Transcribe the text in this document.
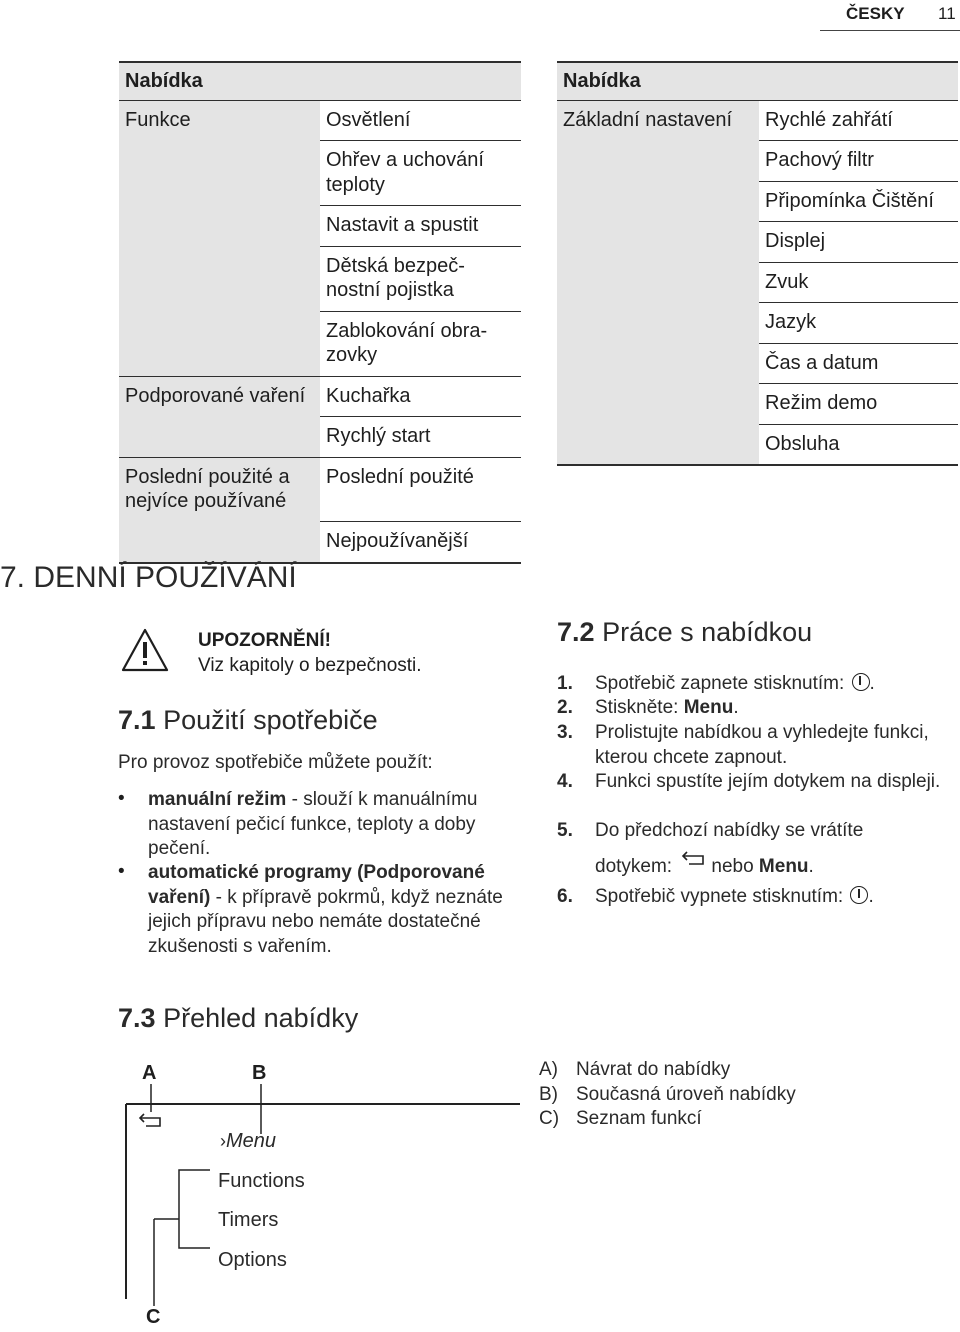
ČESKY 11
Nabídka	
Funkce	Osvětlení
	Ohřev a uchování teploty
	Nastavit a spustit
	Dětská bezpeč-nostní pojistka
	Zablokování obra-zovky
Podporované vaření	Kuchařka
	Rychlý start
Poslední použité a nejvíce používané	Poslední použité
	Nejpoužívanější
Nabídka	
Základní nastavení	Rychlé zahřátí
	Pachový filtr
	Připomínka Čištění
	Displej
	Zvuk
	Jazyk
	Čas a datum
	Režim demo
	Obsluha
7. DENNÍ POUŽÍVÁNÍ
UPOZORNĚNÍ!
Viz kapitoly o bezpečnosti.
7.1 Použití spotřebiče
Pro provoz spotřebiče můžete použít:
• manuální režim - slouží k manuálnímu nastavení pečicí funkce, teploty a doby pečení.
• automatické programy (Podporované vaření) - k přípravě pokrmů, když neznáte jejich přípravu nebo nemáte dostatečné zkušenosti s vařením.
7.2 Práce s nabídkou
1. Spotřebič zapnete stisknutím: .
2. Stiskněte: Menu.
3. Prolistujte nabídkou a vyhledejte funkci, kterou chcete zapnout.
4. Funkci spustíte jejím dotykem na displeji.
5. Do předchozí nabídky se vrátíte
dotykem: nebo Menu.
6. Spotřebič vypnete stisknutím: .
7.3 Přehled nabídky
A	B
C
›Menu
Functions
Timers
Options
A) Návrat do nabídky
B) Současná úroveň nabídky
C) Seznam funkcí
